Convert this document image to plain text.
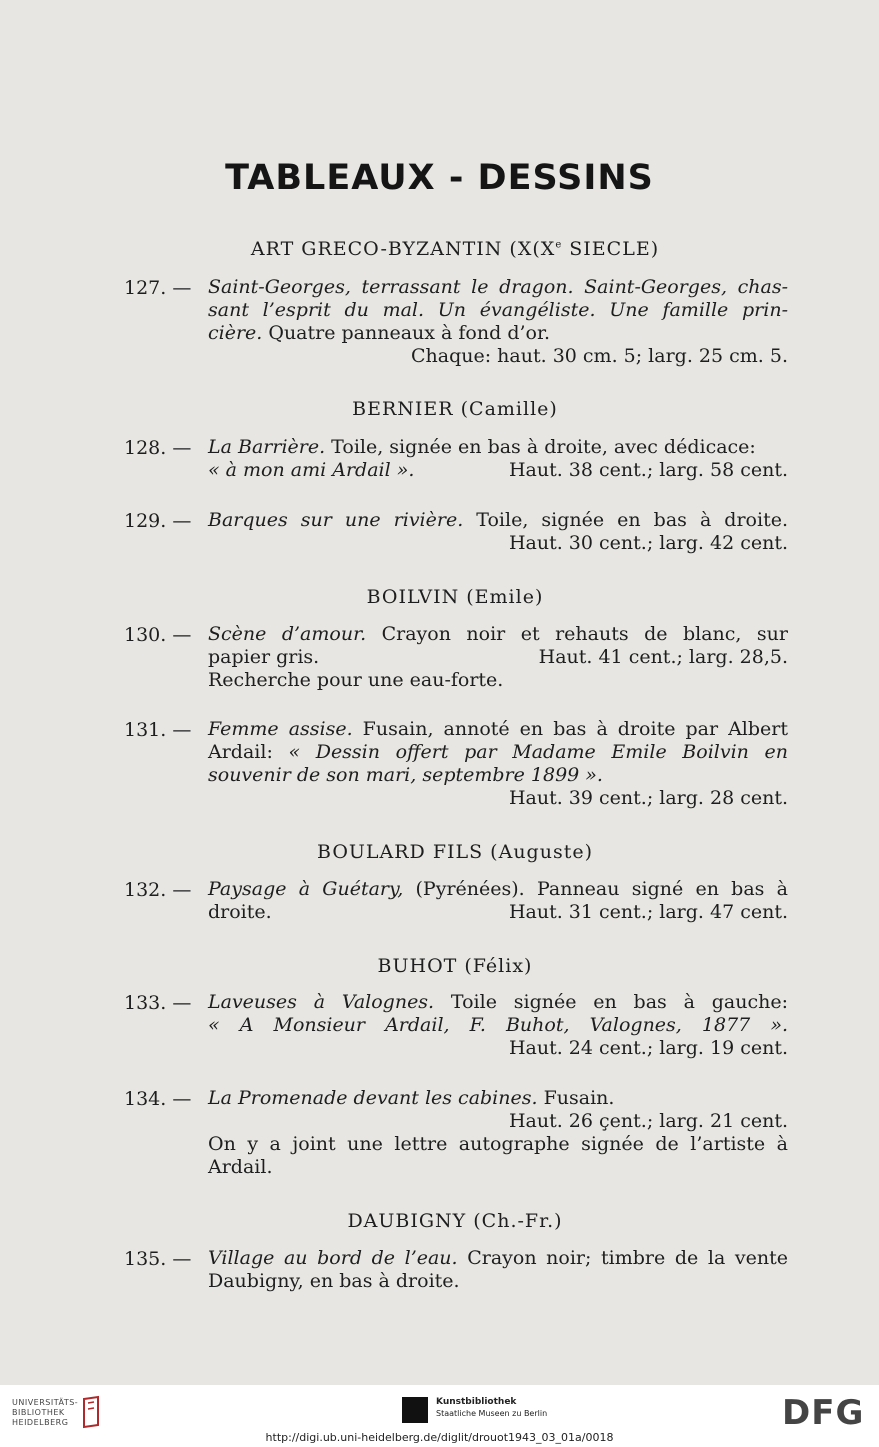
TABLEAUX - DESSINS
ART GRECO-BYZANTIN (X(Xe SIECLE)
127. — Saint-Georges, terrassant le dragon. Saint-Georges, chas-
sant l’esprit du mal. Un évangéliste. Une famille prin-
cière. Quatre panneaux à fond d’or.
Chaque: haut. 30 cm. 5; larg. 25 cm. 5.
BERNIER (Camille)
128. — La Barrière. Toile, signée en bas à droite, avec dédicace:
« à mon ami Ardail ».	Haut. 38 cent.; larg. 58 cent.
129. — Barques sur une rivière. Toile, signée en bas à droite.
Haut. 30 cent.; larg. 42 cent.
BOILVIN (Emile)
130. — Scène d’amour. Crayon noir et rehauts de blanc, sur
papier gris.	Haut. 41 cent.; larg. 28,5.
Recherche pour une eau-forte.
131. — Femme assise. Fusain, annoté en bas à droite par Albert
Ardail: « Dessin offert par Madame Emile Boilvin en
souvenir de son mari, septembre 1899 ».
Haut. 39 cent.; larg. 28 cent.
BOULARD FILS (Auguste)
132. — Paysage à Guétary, (Pyrénées). Panneau signé en bas à
droite.	Haut. 31 cent.; larg. 47 cent.
BUHOT (Félix)
133. — Laveuses à Valognes. Toile signée en bas à gauche:
« A Monsieur Ardail, F. Buhot, Valognes, 1877 ».
Haut. 24 cent.; larg. 19 cent.
134. — La Promenade devant les cabines. Fusain.
Haut. 26 çent.; larg. 21 cent.
On y a joint une lettre autographe signée de l’artiste à
Ardail.
DAUBIGNY (Ch.-Fr.)
135. — Village au bord de l’eau. Crayon noir; timbre de la vente
Daubigny, en bas à droite.
UNIVERSITÄTS-
BIBLIOTHEK
HEIDELBERG
Kunstbibliothek
Staatliche Museen zu Berlin	DFG
http://digi.ub.uni-heidelberg.de/diglit/drouot1943_03_01a/0018
